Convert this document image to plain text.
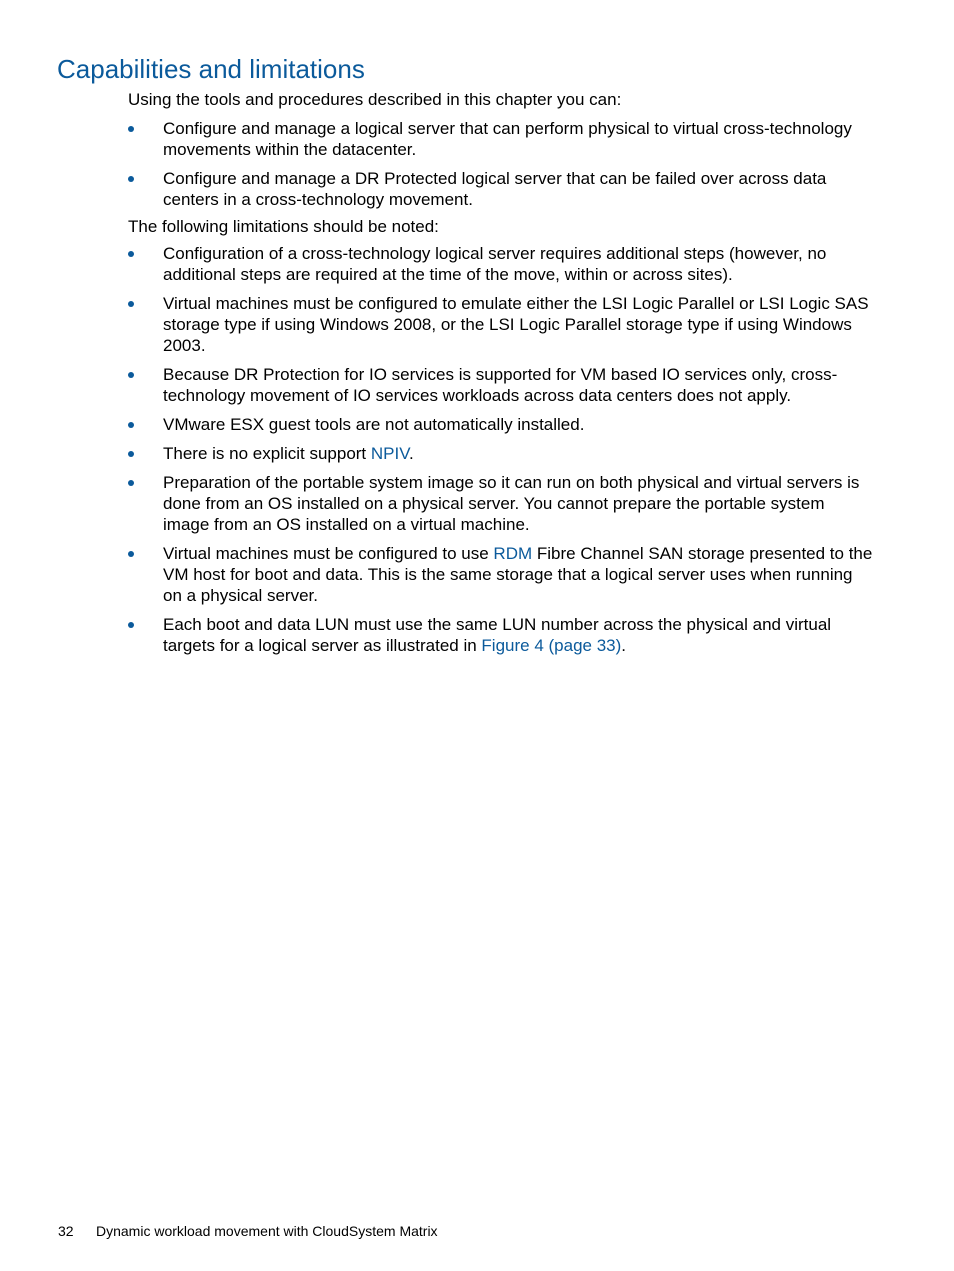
Capabilities and limitations

Using the tools and procedures described in this chapter you can:

Configure and manage a logical server that can perform physical to virtual cross-technology movements within the datacenter.
Configure and manage a DR Protected logical server that can be failed over across data centers in a cross-technology movement.

The following limitations should be noted:

Configuration of a cross-technology logical server requires additional steps (however, no additional steps are required at the time of the move, within or across sites).
Virtual machines must be configured to emulate either the LSI Logic Parallel or LSI Logic SAS storage type if using Windows 2008, or the LSI Logic Parallel storage type if using Windows 2003.
Because DR Protection for IO services is supported for VM based IO services only, cross-technology movement of IO services workloads across data centers does not apply.
VMware ESX guest tools are not automatically installed.
There is no explicit support NPIV.
Preparation of the portable system image so it can run on both physical and virtual servers is done from an OS installed on a physical server. You cannot prepare the portable system image from an OS installed on a virtual machine.
Virtual machines must be configured to use RDM Fibre Channel SAN storage presented to the VM host for boot and data. This is the same storage that a logical server uses when running on a physical server.
Each boot and data LUN must use the same LUN number across the physical and virtual targets for a logical server as illustrated in Figure 4 (page 33).
32 Dynamic workload movement with CloudSystem Matrix
